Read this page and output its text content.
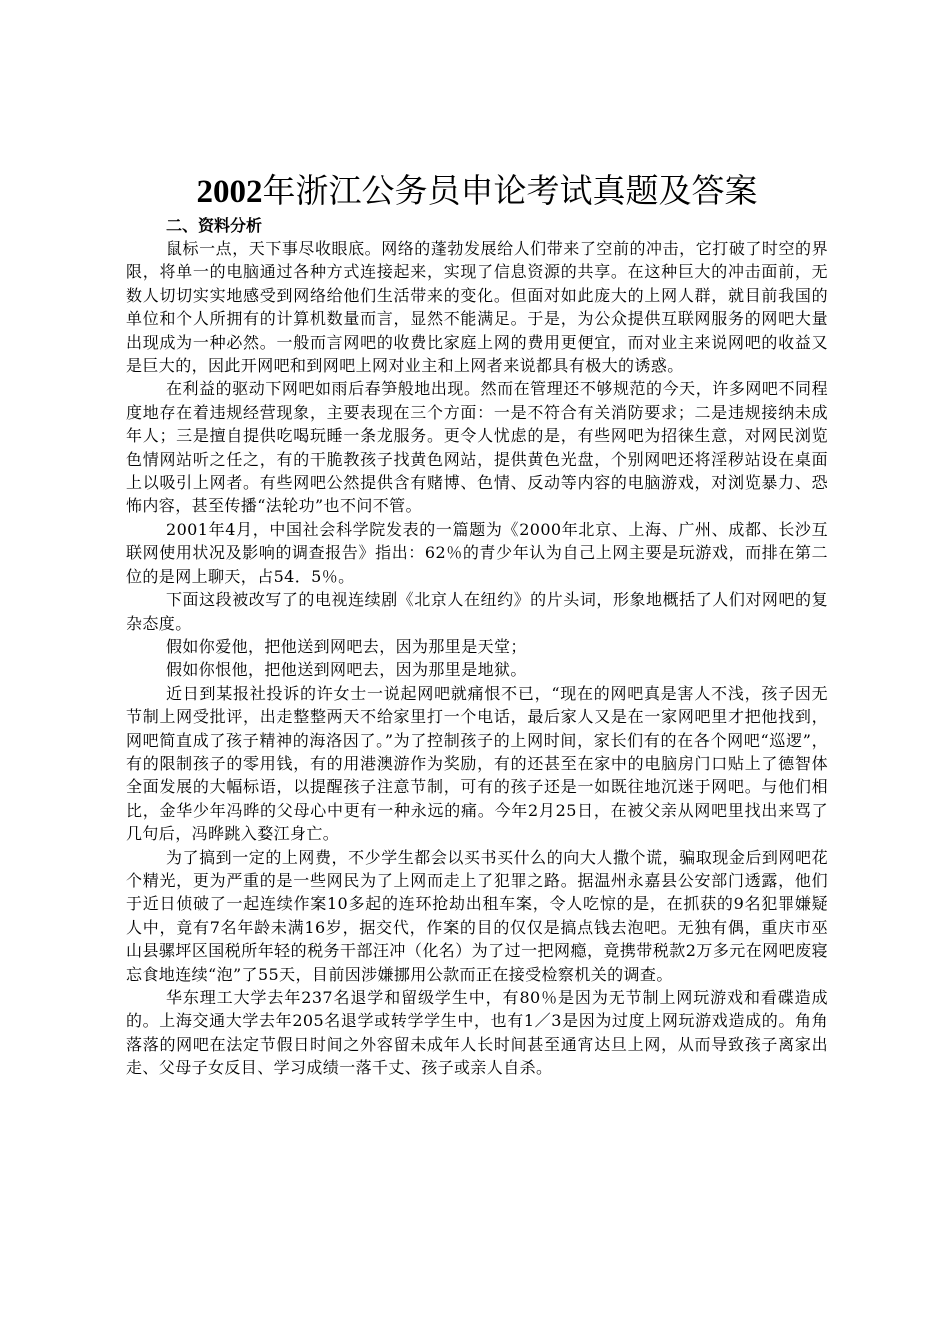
2002年浙江公务员申论考试真题及答案

二、资料分析

鼠标一点，天下事尽收眼底。网络的蓬勃发展给人们带来了空前的冲击，它打破了时空的界限，将单一的电脑通过各种方式连接起来，实现了信息资源的共享。在这种巨大的冲击面前，无数人切切实实地感受到网络给他们生活带来的变化。但面对如此庞大的上网人群，就目前我国的单位和个人所拥有的计算机数量而言，显然不能满足。于是，为公众提供互联网服务的网吧大量出现成为一种必然。一般而言网吧的收费比家庭上网的费用更便宜，而对业主来说网吧的收益又是巨大的，因此开网吧和到网吧上网对业主和上网者来说都具有极大的诱惑。

在利益的驱动下网吧如雨后春笋般地出现。然而在管理还不够规范的今天，许多网吧不同程度地存在着违规经营现象，主要表现在三个方面：一是不符合有关消防要求；二是违规接纳未成年人；三是擅自提供吃喝玩睡一条龙服务。更令人忧虑的是，有些网吧为招徕生意，对网民浏览色情网站听之任之，有的干脆教孩子找黄色网站，提供黄色光盘，个别网吧还将淫秽站设在桌面上以吸引上网者。有些网吧公然提供含有赌博、色情、反动等内容的电脑游戏，对浏览暴力、恐怖内容，甚至传播“法轮功”也不问不管。

2001年4月，中国社会科学院发表的一篇题为《2000年北京、上海、广州、成都、长沙互联网使用状况及影响的调查报告》指出：62％的青少年认为自己上网主要是玩游戏，而排在第二位的是网上聊天，占54．5％。

下面这段被改写了的电视连续剧《北京人在纽约》的片头词，形象地概括了人们对网吧的复杂态度。

假如你爱他，把他送到网吧去，因为那里是天堂；

假如你恨他，把他送到网吧去，因为那里是地狱。

近日到某报社投诉的许女士一说起网吧就痛恨不已，“现在的网吧真是害人不浅，孩子因无节制上网受批评，出走整整两天不给家里打一个电话，最后家人又是在一家网吧里才把他找到，网吧简直成了孩子精神的海洛因了。”为了控制孩子的上网时间，家长们有的在各个网吧“巡逻”，有的限制孩子的零用钱，有的用港澳游作为奖励，有的还甚至在家中的电脑房门口贴上了德智体全面发展的大幅标语，以提醒孩子注意节制，可有的孩子还是一如既往地沉迷于网吧。与他们相比，金华少年冯晔的父母心中更有一种永远的痛。今年2月25日，在被父亲从网吧里找出来骂了几句后，冯晔跳入婺江身亡。

为了搞到一定的上网费，不少学生都会以买书买什么的向大人撒个谎，骗取现金后到网吧花个精光，更为严重的是一些网民为了上网而走上了犯罪之路。据温州永嘉县公安部门透露，他们于近日侦破了一起连续作案10多起的连环抢劫出租车案，令人吃惊的是，在抓获的9名犯罪嫌疑人中，竟有7名年龄未满16岁，据交代，作案的目的仅仅是搞点钱去泡吧。无独有偶，重庆市巫山县骡坪区国税所年轻的税务干部汪冲（化名）为了过一把网瘾，竟携带税款2万多元在网吧废寝忘食地连续“泡”了55天，目前因涉嫌挪用公款而正在接受检察机关的调查。

华东理工大学去年237名退学和留级学生中，有80％是因为无节制上网玩游戏和看碟造成的。上海交通大学去年205名退学或转学学生中，也有1／3是因为过度上网玩游戏造成的。角角落落的网吧在法定节假日时间之外容留未成年人长时间甚至通宵达旦上网，从而导致孩子离家出走、父母子女反目、学习成绩一落千丈、孩子或亲人自杀。
